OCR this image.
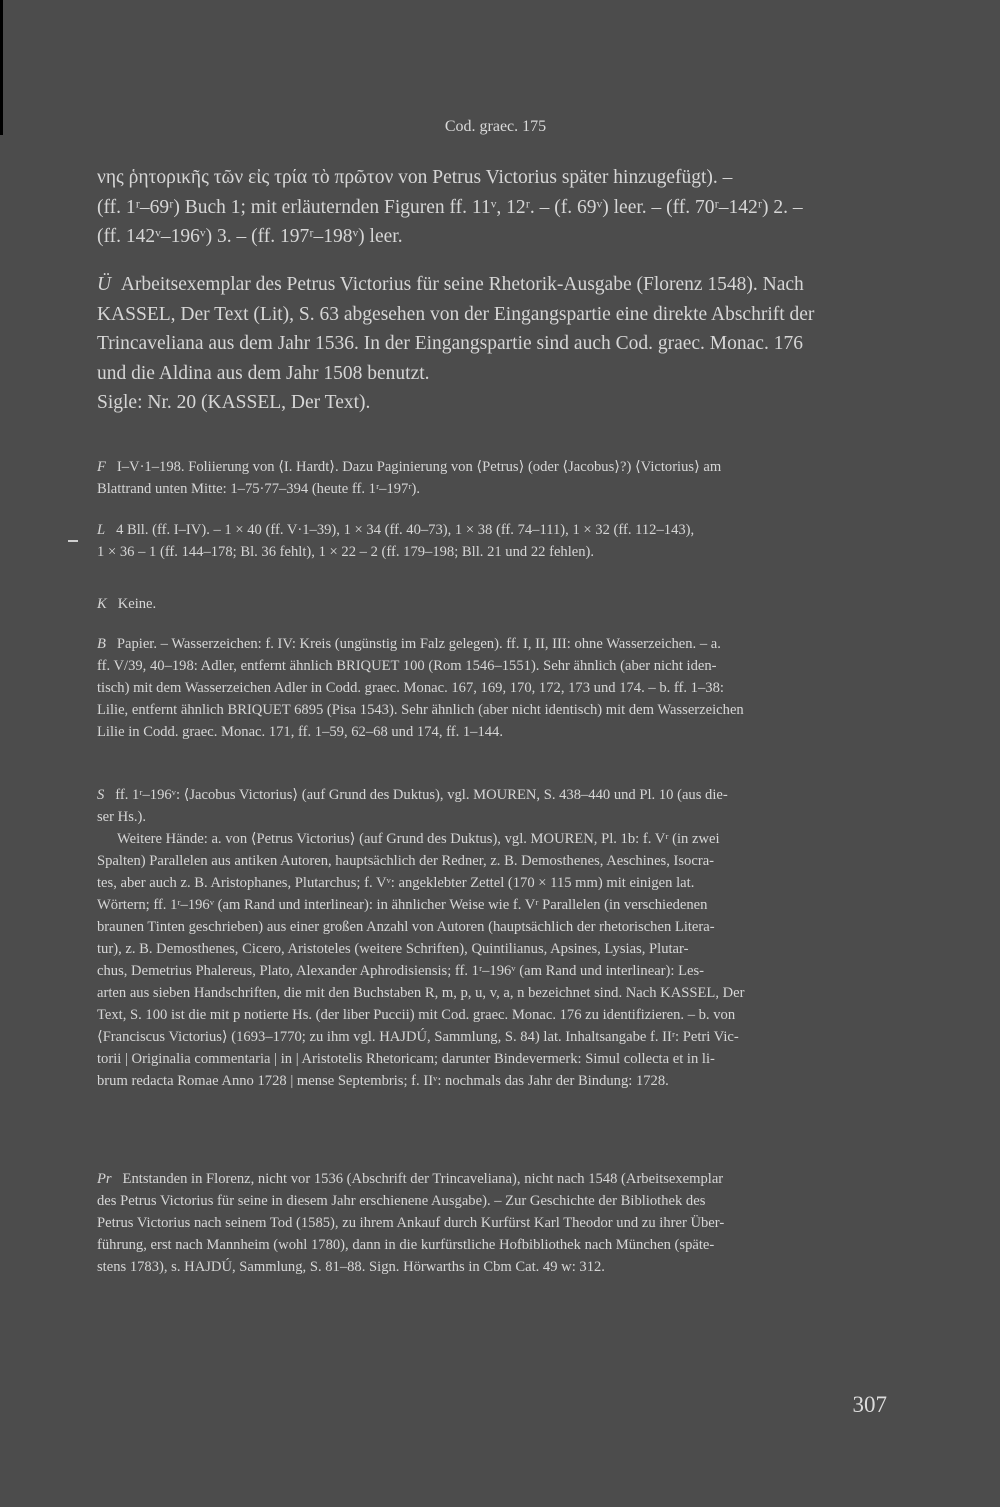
Cod. graec. 175

νης ῥητορικῆς τῶν εἰς τρία τὸ πρῶτον von Petrus Victorius später hinzugefügt). –
(ff. 1ʳ–69ʳ) Buch 1; mit erläuternden Figuren ff. 11ᵛ, 12ʳ. – (f. 69ᵛ) leer. – (ff. 70ʳ–142ʳ) 2. –
(ff. 142ᵛ–196ᵛ) 3. – (ff. 197ʳ–198ᵛ) leer.

Ü Arbeitsexemplar des Petrus Victorius für seine Rhetorik-Ausgabe (Florenz 1548). Nach
KASSEL, Der Text (Lit), S. 63 abgesehen von der Eingangspartie eine direkte Abschrift der
Trincaveliana aus dem Jahr 1536. In der Eingangspartie sind auch Cod. graec. Monac. 176
und die Aldina aus dem Jahr 1508 benutzt.
Sigle: Nr. 20 (KASSEL, Der Text).

F I–V·1–198. Foliierung von ⟨I. Hardt⟩. Dazu Paginierung von ⟨Petrus⟩ (oder ⟨Jacobus⟩?) ⟨Victorius⟩ am
Blattrand unten Mitte: 1–75·77–394 (heute ff. 1ʳ–197ʳ).

L 4 Bll. (ff. I–IV). – 1 × 40 (ff. V·1–39), 1 × 34 (ff. 40–73), 1 × 38 (ff. 74–111), 1 × 32 (ff. 112–143),
1 × 36 – 1 (ff. 144–178; Bl. 36 fehlt), 1 × 22 – 2 (ff. 179–198; Bll. 21 und 22 fehlen).

K Keine.

B Papier. – Wasserzeichen: f. IV: Kreis (ungünstig im Falz gelegen). ff. I, II, III: ohne Wasserzeichen. – a.
ff. V/39, 40–198: Adler, entfernt ähnlich BRIQUET 100 (Rom 1546–1551). Sehr ähnlich (aber nicht iden-
tisch) mit dem Wasserzeichen Adler in Codd. graec. Monac. 167, 169, 170, 172, 173 und 174. – b. ff. 1–38:
Lilie, entfernt ähnlich BRIQUET 6895 (Pisa 1543). Sehr ähnlich (aber nicht identisch) mit dem Wasserzeichen
Lilie in Codd. graec. Monac. 171, ff. 1–59, 62–68 und 174, ff. 1–144.

S ff. 1ʳ–196ᵛ: ⟨Jacobus Victorius⟩ (auf Grund des Duktus), vgl. MOUREN, S. 438–440 und Pl. 10 (aus die-
ser Hs.).
Weitere Hände: a. von ⟨Petrus Victorius⟩ (auf Grund des Duktus), vgl. MOUREN, Pl. 1b: f. Vʳ (in zwei
Spalten) Parallelen aus antiken Autoren, hauptsächlich der Redner, z. B. Demosthenes, Aeschines, Isocra-
tes, aber auch z. B. Aristophanes, Plutarchus; f. Vᵛ: angeklebter Zettel (170 × 115 mm) mit einigen lat.
Wörtern; ff. 1ʳ–196ᵛ (am Rand und interlinear): in ähnlicher Weise wie f. Vʳ Parallelen (in verschiedenen
braunen Tinten geschrieben) aus einer großen Anzahl von Autoren (hauptsächlich der rhetorischen Litera-
tur), z. B. Demosthenes, Cicero, Aristoteles (weitere Schriften), Quintilianus, Apsines, Lysias, Plutar-
chus, Demetrius Phalereus, Plato, Alexander Aphrodisiensis; ff. 1ʳ–196ᵛ (am Rand und interlinear): Les-
arten aus sieben Handschriften, die mit den Buchstaben R, m, p, u, v, a, n bezeichnet sind. Nach KASSEL, Der
Text, S. 100 ist die mit p notierte Hs. (der liber Puccii) mit Cod. graec. Monac. 176 zu identifizieren. – b. von
⟨Franciscus Victorius⟩ (1693–1770; zu ihm vgl. HAJDÚ, Sammlung, S. 84) lat. Inhaltsangabe f. IIʳ: Petri Vic-
torii | Originalia commentaria | in | Aristotelis Rhetoricam; darunter Bindevermerk: Simul collecta et in li-
brum redacta Romae Anno 1728 | mense Septembris; f. IIᵛ: nochmals das Jahr der Bindung: 1728.

Pr Entstanden in Florenz, nicht vor 1536 (Abschrift der Trincaveliana), nicht nach 1548 (Arbeitsexemplar
des Petrus Victorius für seine in diesem Jahr erschienene Ausgabe). – Zur Geschichte der Bibliothek des
Petrus Victorius nach seinem Tod (1585), zu ihrem Ankauf durch Kurfürst Karl Theodor und zu ihrer Über-
führung, erst nach Mannheim (wohl 1780), dann in die kurfürstliche Hofbibliothek nach München (späte-
stens 1783), s. HAJDÚ, Sammlung, S. 81–88. Sign. Hörwarths in Cbm Cat. 49 w: 312.

307
